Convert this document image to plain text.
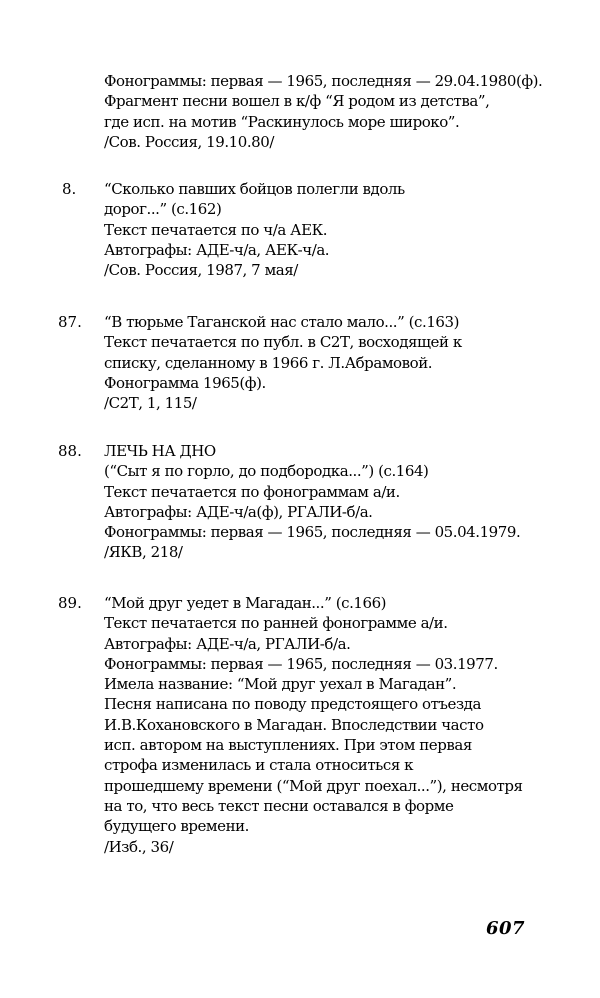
Фонограммы: первая — 1965, последняя — 29.04.1980(ф).
Фрагмент песни вошел в к/ф “Я родом из детства”,
где исп. на мотив “Раскинулось море широко”.
/Сов. Россия, 19.10.80/
8. “Сколько павших бойцов полегли вдоль
дорог...” (с.162)
Текст печатается по ч/а АЕК.
Автографы: АДЕ-ч/а, АЕК-ч/а.
/Сов. Россия, 1987, 7 мая/
87. “В тюрьме Таганской нас стало мало...” (с.163)
Текст печатается по публ. в С2Т, восходящей к
списку, сделанному в 1966 г. Л.Абрамовой.
Фонограмма 1965(ф).
/С2Т, 1, 115/
88. ЛЕЧЬ НА ДНО
(“Сыт я по горло, до подбородка...”) (с.164)
Текст печатается по фонограммам а/и.
Автографы: АДЕ-ч/а(ф), РГАЛИ-б/а.
Фонограммы: первая — 1965, последняя — 05.04.1979.
/ЯКВ, 218/
89. “Мой друг уедет в Магадан...” (с.166)
Текст печатается по ранней фонограмме а/и.
Автографы: АДЕ-ч/а, РГАЛИ-б/а.
Фонограммы: первая — 1965, последняя — 03.1977.
Имела название: “Мой друг уехал в Магадан”.
Песня написана по поводу предстоящего отъезда
И.В.Кохановского в Магадан. Впоследствии часто
исп. автором на выступлениях. При этом первая
строфа изменилась и стала относиться к
прошедшему времени (“Мой друг поехал...”), несмотря
на то, что весь текст песни оставался в форме
будущего времени.
/Изб., 36/
607
